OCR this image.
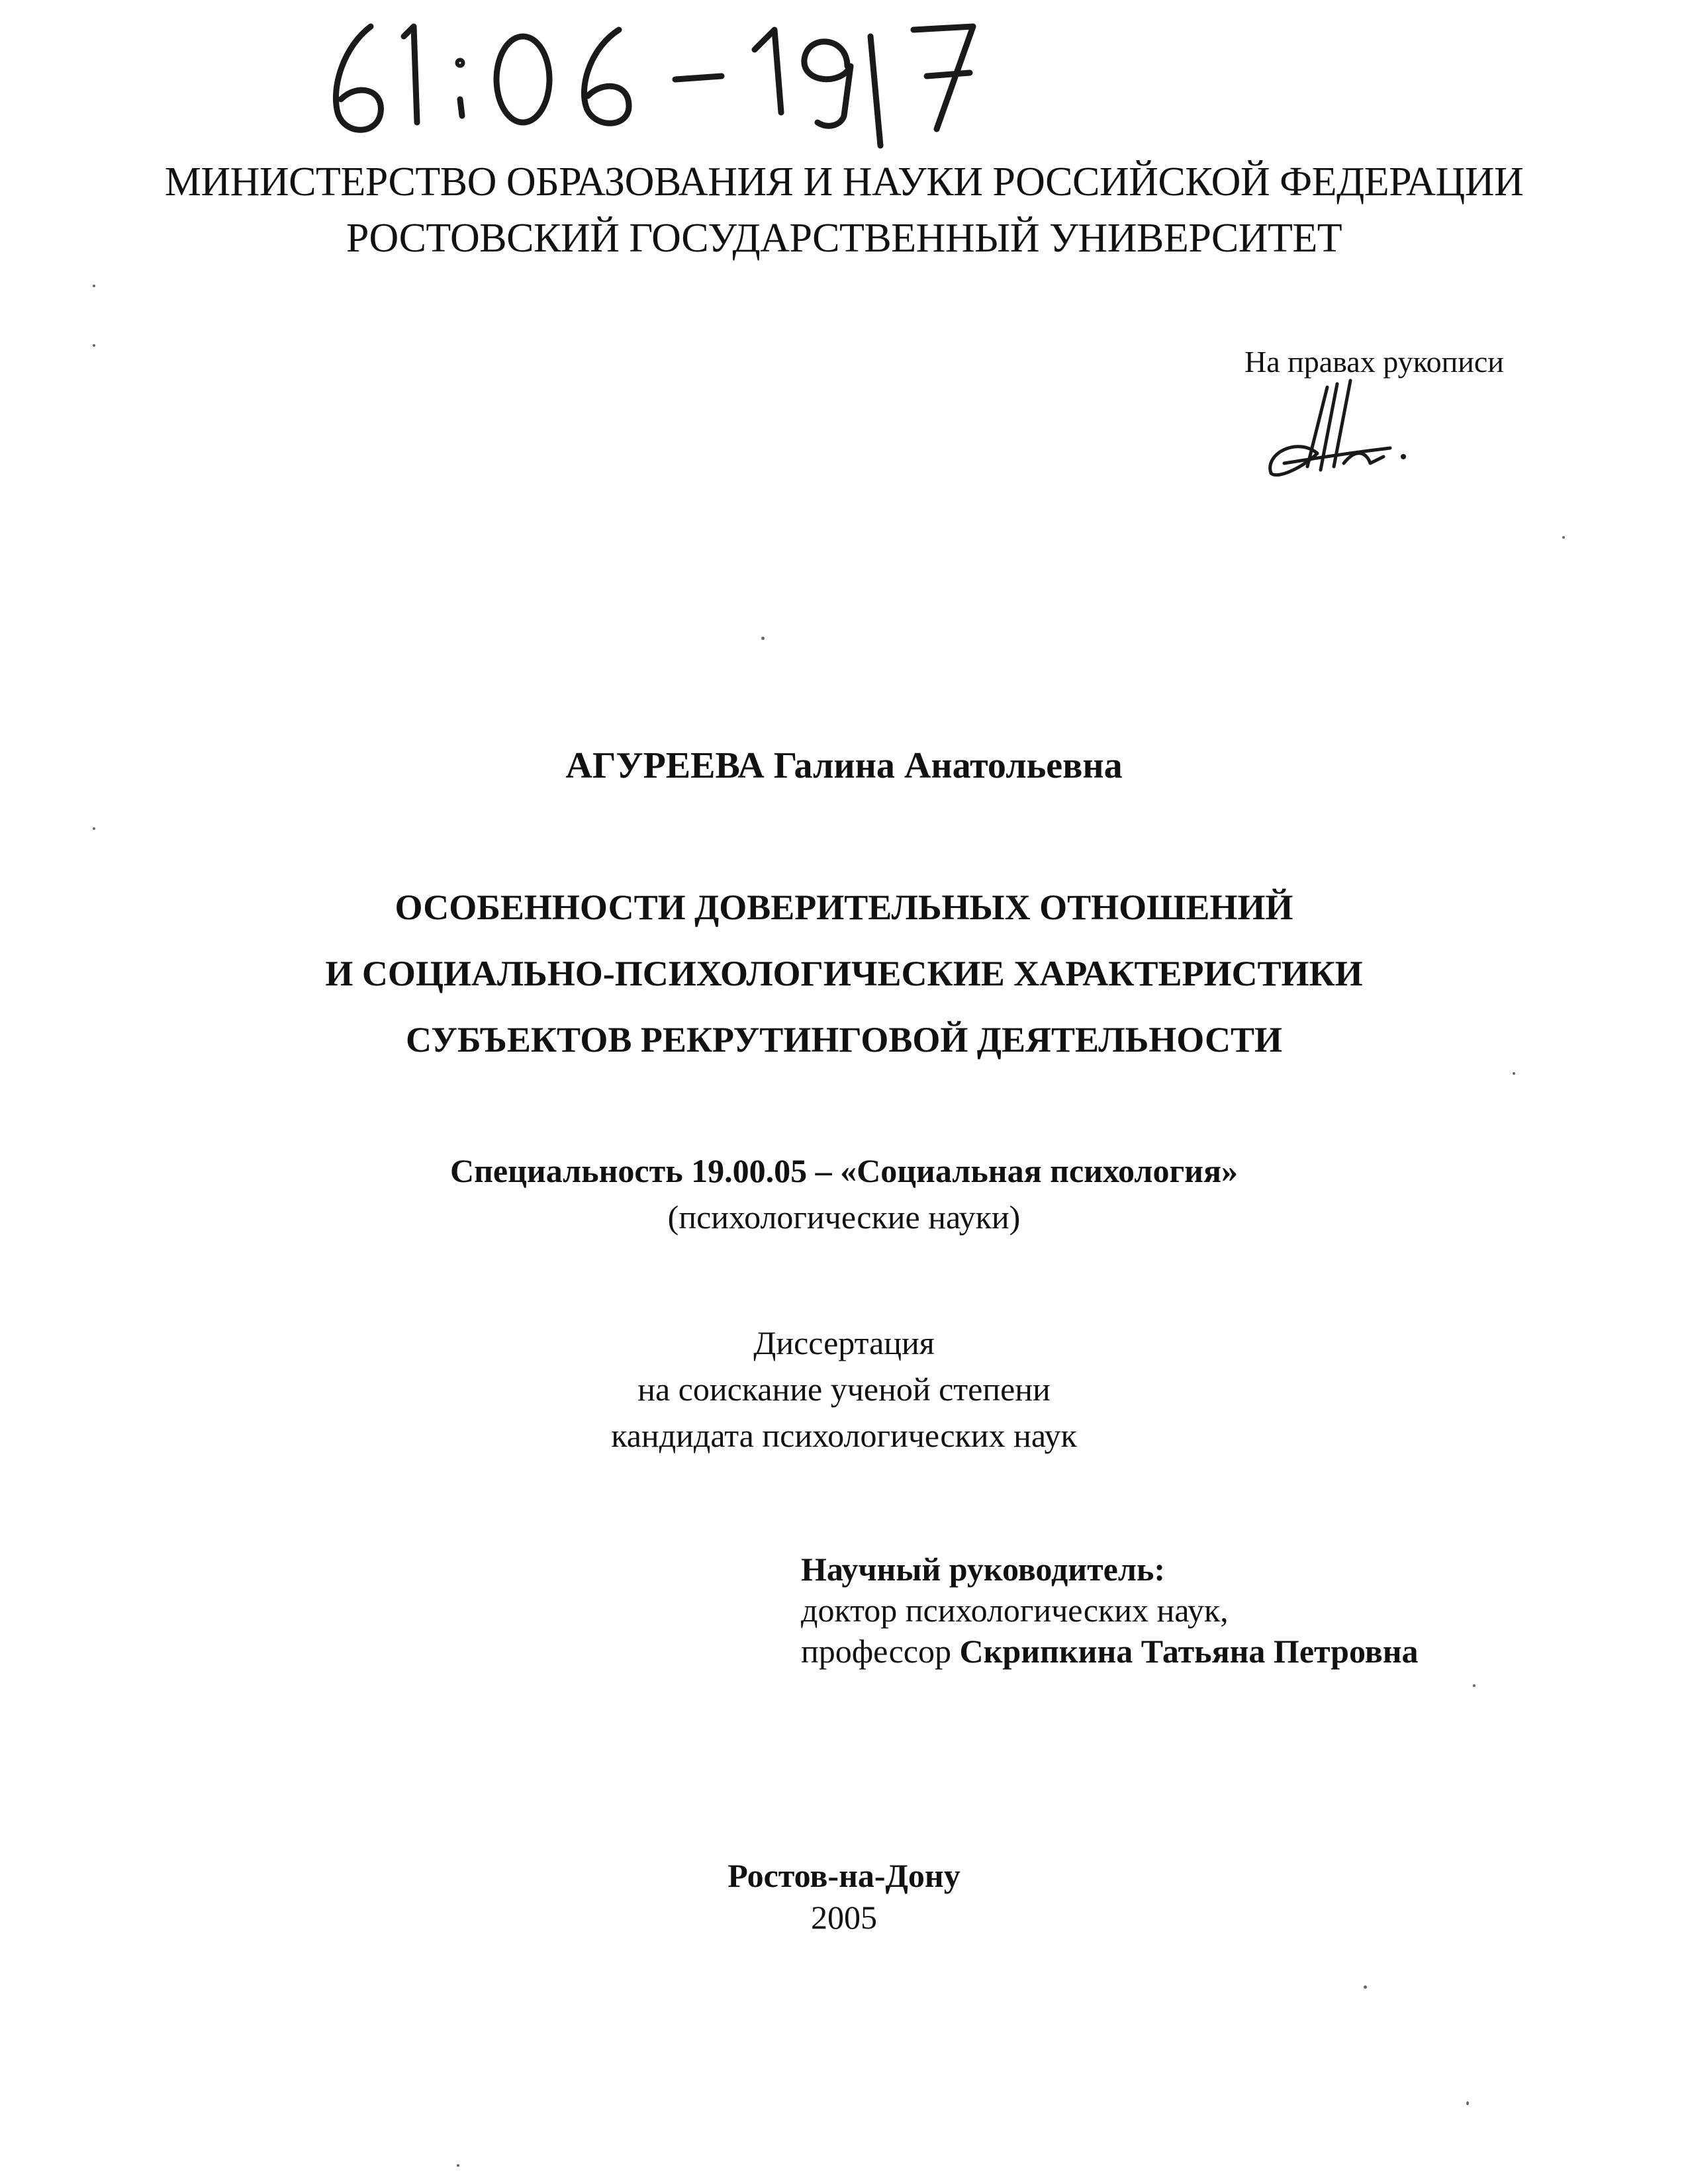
МИНИСТЕРСТВО ОБРАЗОВАНИЯ И НАУКИ РОССИЙСКОЙ ФЕДЕРАЦИИ
РОСТОВСКИЙ ГОСУДАРСТВЕННЫЙ УНИВЕРСИТЕТ
На правах рукописи
АГУРЕЕВА Галина Анатольевна
ОСОБЕННОСТИ ДОВЕРИТЕЛЬНЫХ ОТНОШЕНИЙ
И СОЦИАЛЬНО-ПСИХОЛОГИЧЕСКИЕ ХАРАКТЕРИСТИКИ
СУБЪЕКТОВ РЕКРУТИНГОВОЙ ДЕЯТЕЛЬНОСТИ
Специальность 19.00.05 – «Социальная психология»
(психологические науки)
Диссертация
на соискание ученой степени
кандидата психологических наук
Научный руководитель:
доктор психологических наук,
профессор Скрипкина Татьяна Петровна
Ростов-на-Дону
2005
